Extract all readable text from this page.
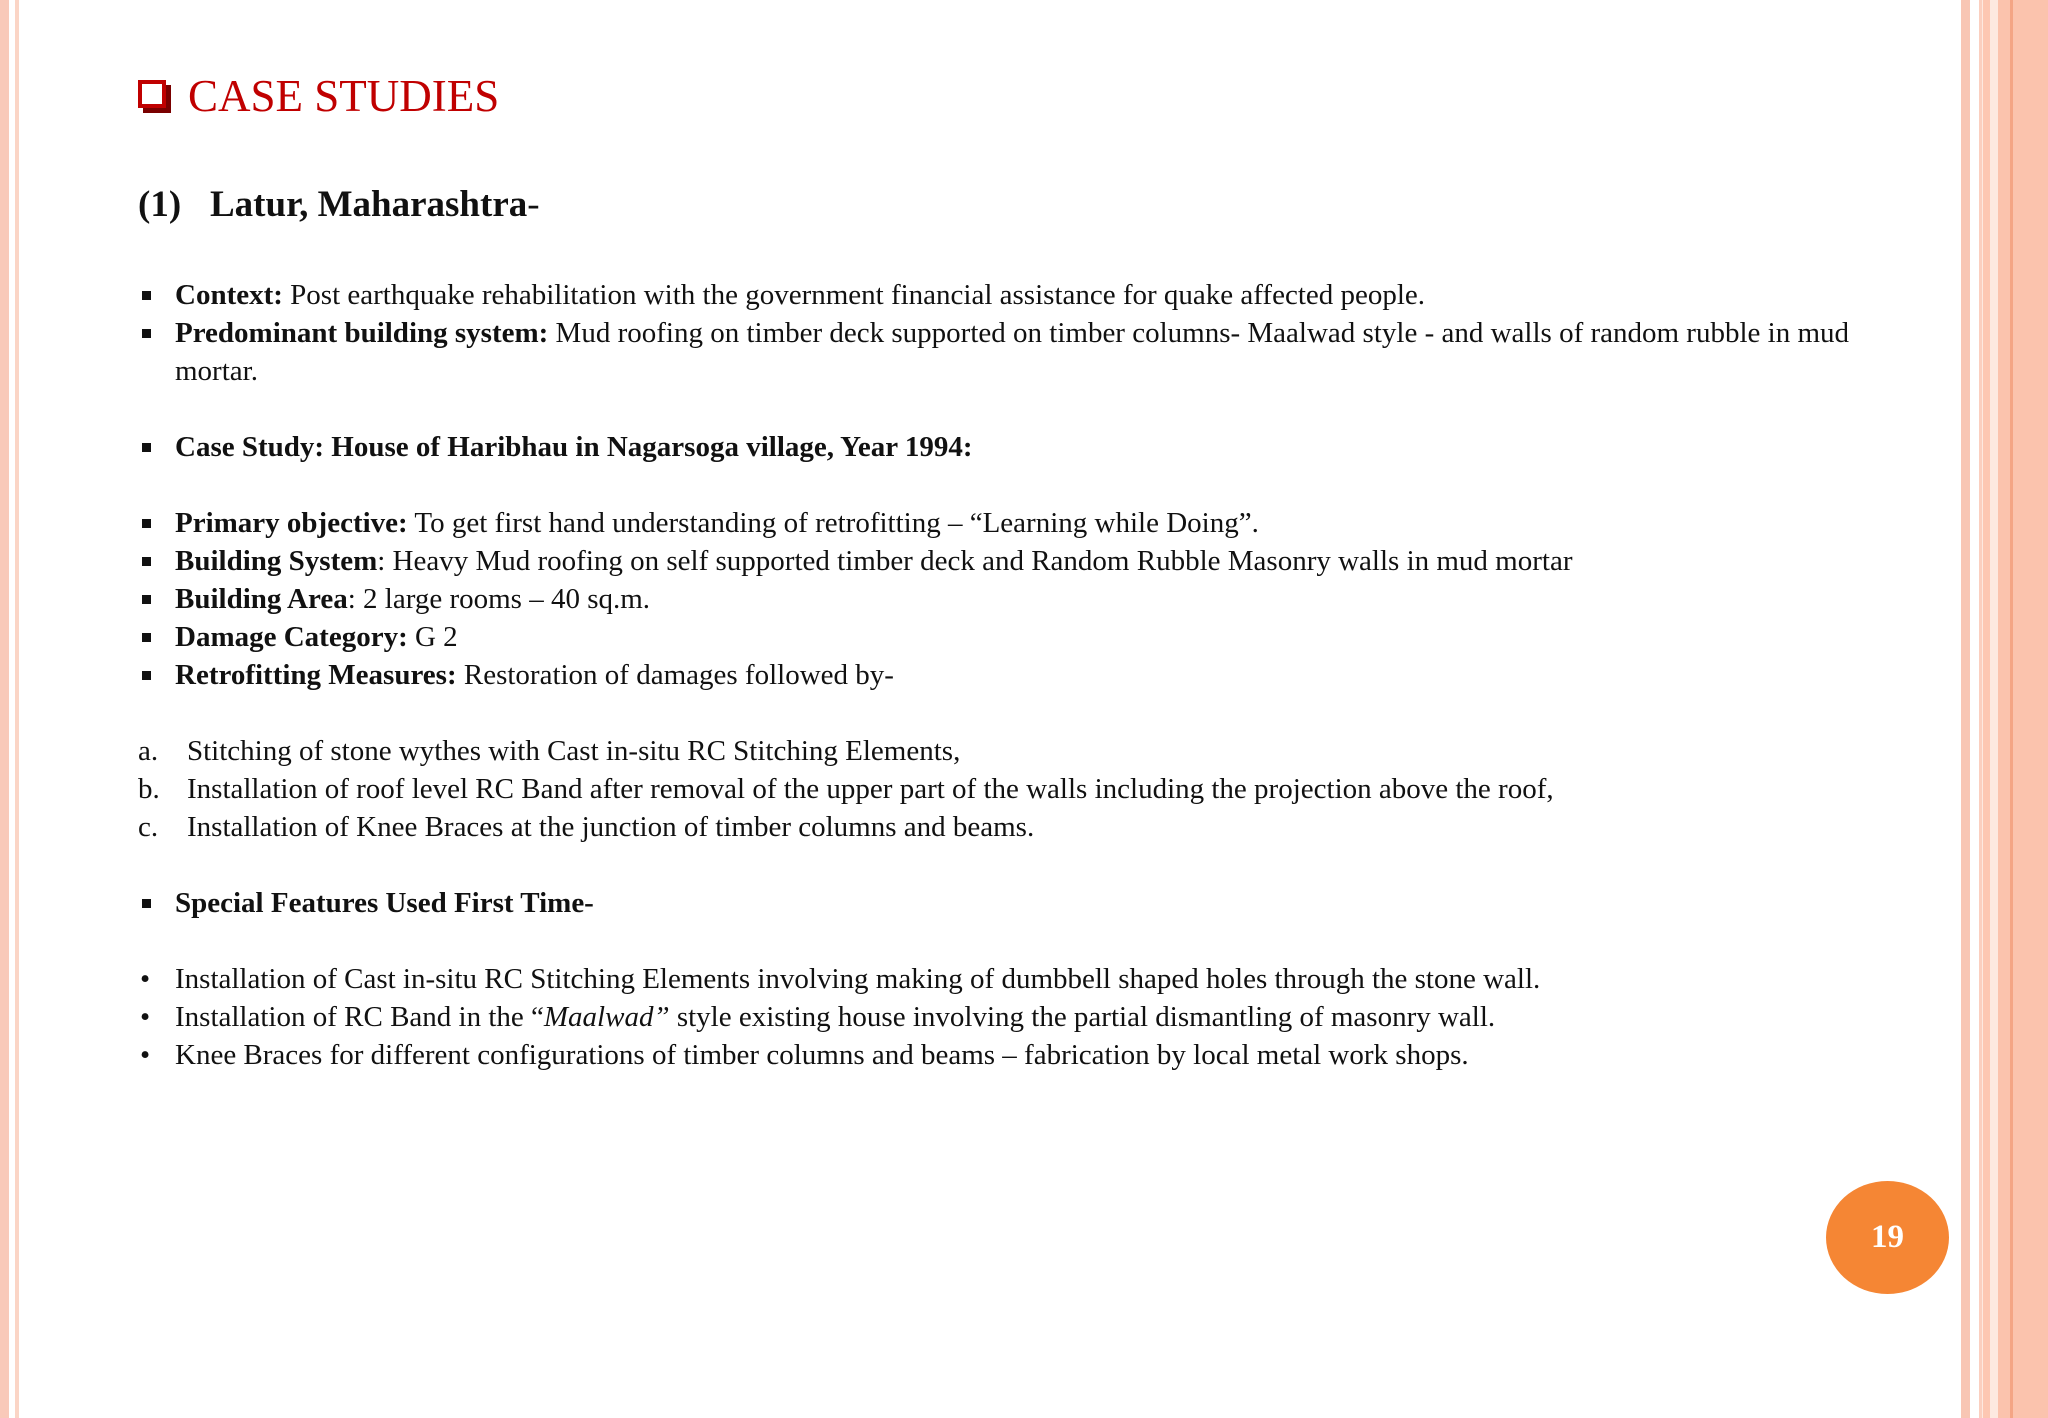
CASE STUDIES
(1) Latur, Maharashtra-
Context: Post earthquake rehabilitation with the government financial assistance for quake affected people.
Predominant building system: Mud roofing on timber deck supported on timber columns- Maalwad style - and walls of random rubble in mud mortar.
Case Study: House of Haribhau in Nagarsoga village, Year 1994:
Primary objective: To get first hand understanding of retrofitting – “Learning while Doing”.
Building System: Heavy Mud roofing on self supported timber deck and Random Rubble Masonry walls in mud mortar
Building Area: 2 large rooms – 40 sq.m.
Damage Category: G 2
Retrofitting Measures: Restoration of damages followed by-
a. Stitching of stone wythes with Cast in-situ RC Stitching Elements,
b. Installation of roof level RC Band after removal of the upper part of the walls including the projection above the roof,
c. Installation of Knee Braces at the junction of timber columns and beams.
Special Features Used First Time-
• Installation of Cast in-situ RC Stitching Elements involving making of dumbbell shaped holes through the stone wall.
• Installation of RC Band in the “Maalwad” style existing house involving the partial dismantling of masonry wall.
• Knee Braces for different configurations of timber columns and beams – fabrication by local metal work shops.
19
